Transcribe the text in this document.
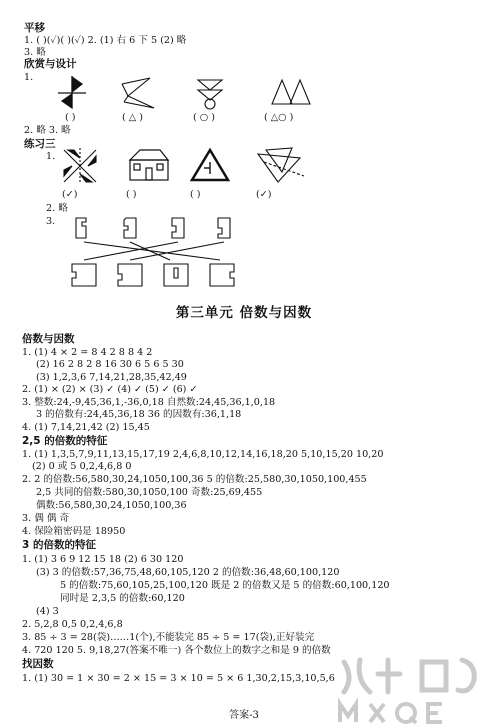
平移
1. ( )(✓)( )(✓) 2. (1) 右 6 下 5 (2) 略
3. 略
欣赏与设计
1.
( )	( △ )	( ○ )	( △○ )
2. 略 3. 略
练习三
1.
(✓)	( )	( )	(✓)
2. 略
3.
第三单元 倍数与因数
倍数与因数
1. (1) 4 × 2 = 8 4 2 8 8 4 2
(2) 16 2 8 2 8 16 30 6 5 6 5 30
(3) 1,2,3,6 7,14,21,28,35,42,49
2. (1) × (2) × (3) ✓ (4) ✓ (5) ✓ (6) ✓
3. 整数:24,-9,45,36,1,-36,0,18 自然数:24,45,36,1,0,18
3 的倍数有:24,45,36,18 36 的因数有:36,1,18
4. (1) 7,14,21,42 (2) 15,45
2,5 的倍数的特征
1. (1) 1,3,5,7,9,11,13,15,17,19 2,4,6,8,10,12,14,16,18,20 5,10,15,20 10,20
(2) 0 或 5 0,2,4,6,8 0
2. 2 的倍数:56,580,30,24,1050,100,36 5 的倍数:25,580,30,1050,100,455
2,5 共同的倍数:580,30,1050,100 奇数:25,69,455
偶数:56,580,30,24,1050,100,36
3. 偶 偶 奇
4. 保险箱密码是 18950
3 的倍数的特征
1. (1) 3 6 9 12 15 18 (2) 6 30 120
(3) 3 的倍数:57,36,75,48,60,105,120 2 的倍数:36,48,60,100,120
5 的倍数:75,60,105,25,100,120 既是 2 的倍数又是 5 的倍数:60,100,120
同时是 2,3,5 的倍数:60,120
(4) 3
2. 5,2,8 0,5 0,2,4,6,8
3. 85 ÷ 3 = 28(袋)……1(个),不能装完 85 ÷ 5 = 17(袋),正好装完
4. 720 120 5. 9,18,27(答案不唯一) 各个数位上的数字之和是 9 的倍数
找因数
1. (1) 30 = 1 × 30 = 2 × 15 = 3 × 10 = 5 × 6 1,30,2,15,3,10,5,6
答案-3
